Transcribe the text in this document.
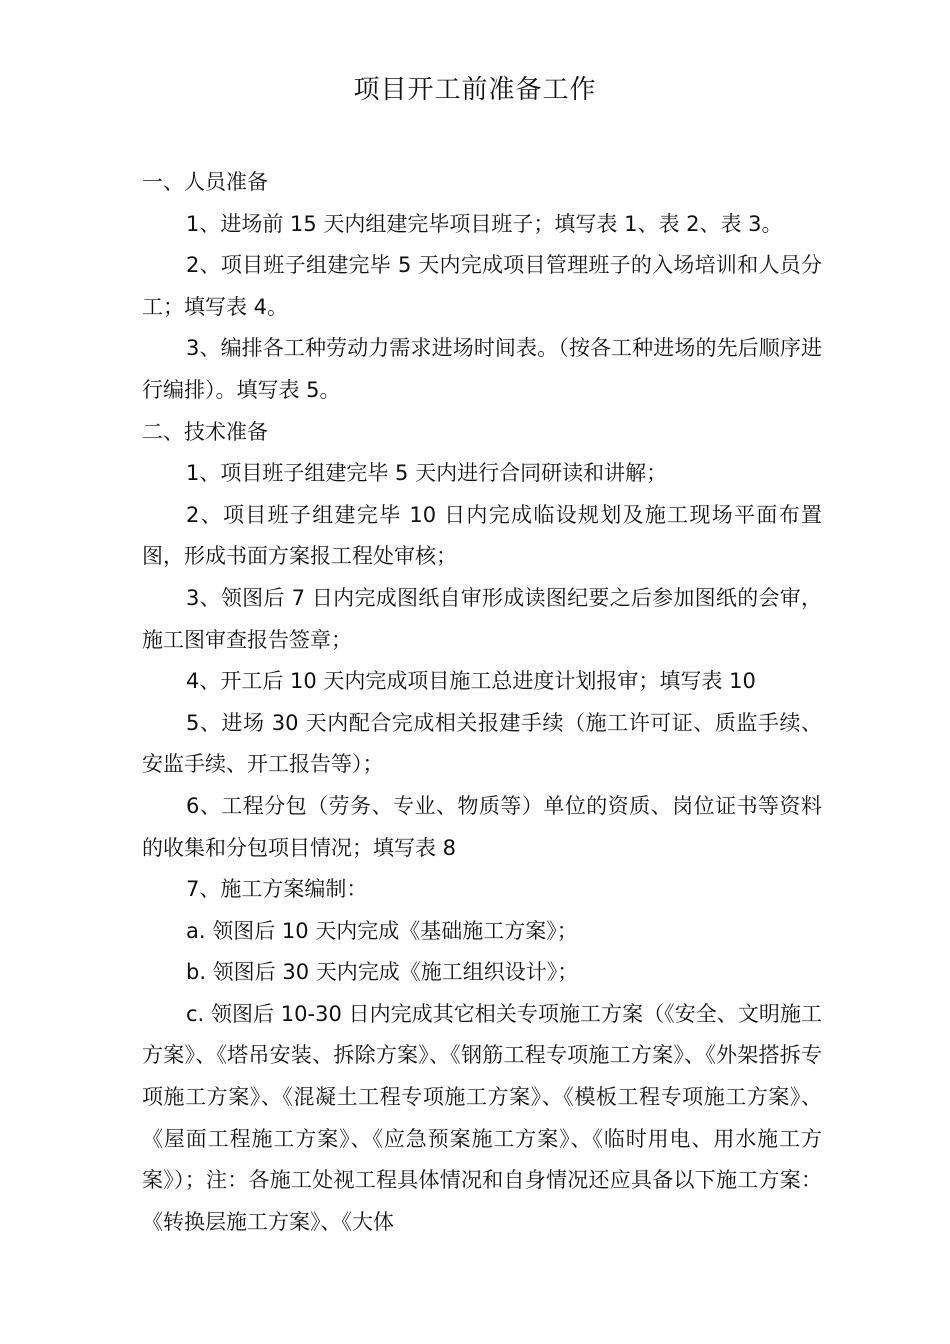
项目开工前准备工作

一、人员准备

1、进场前 15 天内组建完毕项目班子；填写表 1、表 2、表 3。

2、项目班子组建完毕 5 天内完成项目管理班子的入场培训和人员分工；填写表 4。

3、编排各工种劳动力需求进场时间表。（按各工种进场的先后顺序进行编排）。填写表 5。

二、技术准备

1、项目班子组建完毕 5 天内进行合同研读和讲解；

2、项目班子组建完毕 10 日内完成临设规划及施工现场平面布置图，形成书面方案报工程处审核；

3、领图后 7 日内完成图纸自审形成读图纪要之后参加图纸的会审，施工图审查报告签章；

4、开工后 10 天内完成项目施工总进度计划报审；填写表 10

5、进场 30 天内配合完成相关报建手续（施工许可证、质监手续、安监手续、开工报告等）；

6、工程分包（劳务、专业、物质等）单位的资质、岗位证书等资料的收集和分包项目情况；填写表 8

7、施工方案编制：

a. 领图后 10 天内完成《基础施工方案》；

b. 领图后 30 天内完成《施工组织设计》；

c. 领图后 10-30 日内完成其它相关专项施工方案（《安全、文明施工方案》、《塔吊安装、拆除方案》、《钢筋工程专项施工方案》、《外架搭拆专项施工方案》、《混凝土工程专项施工方案》、《模板工程专项施工方案》、《屋面工程施工方案》、《应急预案施工方案》、《临时用电、用水施工方案》）；注：各施工处视工程具体情况和自身情况还应具备以下施工方案：《转换层施工方案》、《大体
